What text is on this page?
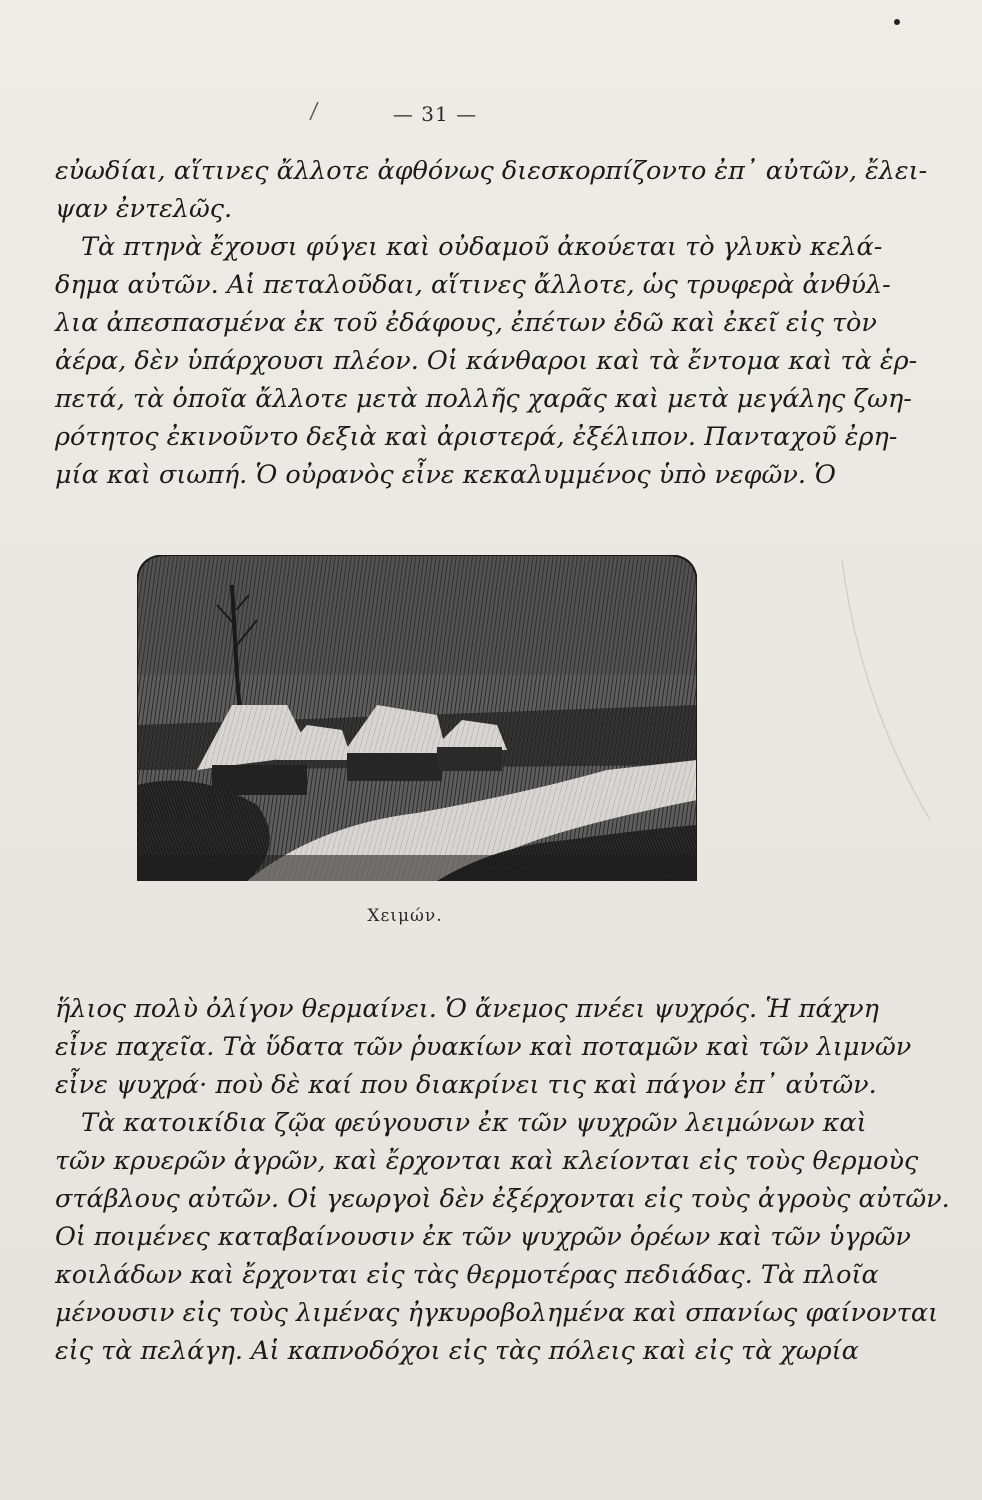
— 31 —
εὐωδίαι, αἵτινες ἄλλοτε ἀφθόνως διεσκορπίζοντο ἐπ᾽ αὐτῶν, ἔλει-
ψαν ἐντελῶς.
Τὰ πτηνὰ ἔχουσι φύγει καὶ οὐδαμοῦ ἀκούεται τὸ γλυκὺ κελά-
δημα αὐτῶν. Αἱ πεταλοῦδαι, αἵτινες ἄλλοτε, ὡς τρυφερὰ ἀνθύλ-
λια ἀπεσπασμένα ἐκ τοῦ ἐδάφους, ἐπέτων ἐδῶ καὶ ἐκεῖ εἰς τὸν
ἀέρα, δὲν ὑπάρχουσι πλέον. Οἱ κάνθαροι καὶ τὰ ἔντομα καὶ τὰ ἑρ-
πετά, τὰ ὁποῖα ἄλλοτε μετὰ πολλῆς χαρᾶς καὶ μετὰ μεγάλης ζωη-
ρότητος ἐκινοῦντο δεξιὰ καὶ ἀριστερά, ἐξέλιπον. Πανταχοῦ ἐρη-
μία καὶ σιωπή. Ὁ οὐρανὸς εἶνε κεκαλυμμένος ὑπὸ νεφῶν. Ὁ
Χειμών.
ἥλιος πολὺ ὀλίγον θερμαίνει. Ὁ ἄνεμος πνέει ψυχρός. Ἡ πάχνη
εἶνε παχεῖα. Τὰ ὕδατα τῶν ῥυακίων καὶ ποταμῶν καὶ τῶν λιμνῶν
εἶνε ψυχρά· ποὺ δὲ καί που διακρίνει τις καὶ πάγον ἐπ᾽ αὐτῶν.
Τὰ κατοικίδια ζῷα φεύγουσιν ἐκ τῶν ψυχρῶν λειμώνων καὶ
τῶν κρυερῶν ἀγρῶν, καὶ ἔρχονται καὶ κλείονται εἰς τοὺς θερμοὺς
στάβλους αὐτῶν. Οἱ γεωργοὶ δὲν ἐξέρχονται εἰς τοὺς ἀγροὺς αὐτῶν.
Οἱ ποιμένες καταβαίνουσιν ἐκ τῶν ψυχρῶν ὀρέων καὶ τῶν ὑγρῶν
κοιλάδων καὶ ἔρχονται εἰς τὰς θερμοτέρας πεδιάδας. Τὰ πλοῖα
μένουσιν εἰς τοὺς λιμένας ἠγκυροβολημένα καὶ σπανίως φαίνονται
εἰς τὰ πελάγη. Αἱ καπνοδόχοι εἰς τὰς πόλεις καὶ εἰς τὰ χωρία
